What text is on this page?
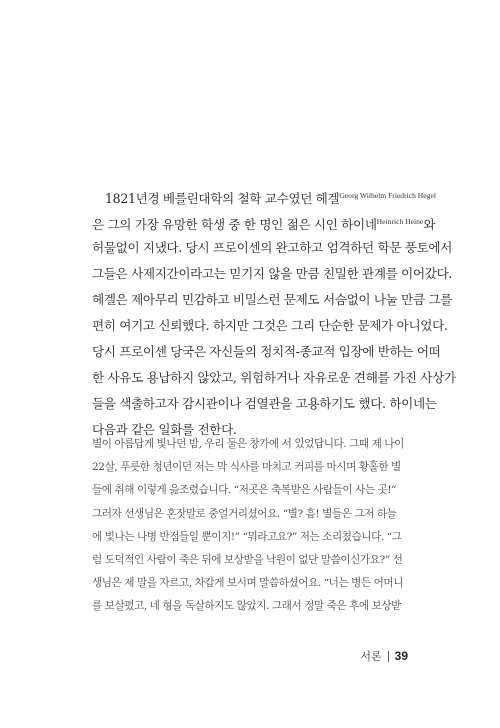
1821년경 베를린대학의 철학 교수였던 헤겔$^{Georg Wilhelm Friedrich Hegel}$
은 그의 가장 유망한 학생 중 한 명인 젊은 시인 하이네$^{Heinrich Heine}$와
허물없이 지냈다. 당시 프로이센의 완고하고 엄격하던 학문 풍토에서
그들은 사제지간이라고는 믿기지 않을 만큼 친밀한 관계를 이어갔다.
헤겔은 제아무리 민감하고 비밀스런 문제도 서슴없이 나눌 만큼 그를
편히 여기고 신뢰했다. 하지만 그것은 그리 단순한 문제가 아니었다.
당시 프로이센 당국은 자신들의 정치적-종교적 입장에 반하는 어떠
한 사유도 용납하지 않았고, 위험하거나 자유로운 견해를 가진 사상가
들을 색출하고자 감시관이나 검열관을 고용하기도 했다. 하이네는
다음과 같은 일화를 전한다.
별이 아름답게 빛나던 밤, 우리 둘은 창가에 서 있었답니다. 그때 제 나이
22살, 푸릇한 청년이던 저는 막 식사를 마치고 커피를 마시며 황홀한 별
들에 취해 이렇게 읊조렸습니다. “저곳은 축복받은 사람들이 사는 곳!”
그러자 선생님은 혼잣말로 중얼거리셨어요. “별? 흠! 별들은 그저 하늘
에 빛나는 나병 반점들일 뿐이지!” “뭐라고요?” 저는 소리쳤습니다. “그
럼 도덕적인 사람이 죽은 뒤에 보상받을 낙원이 없단 말씀이신가요?” 선
생님은 제 말을 자르고, 차갑게 보시며 말씀하셨어요. “너는 병든 어머니
를 보살폈고, 네 형을 독살하지도 않았지. 그래서 정말 죽은 후에 보상받
서론 39
